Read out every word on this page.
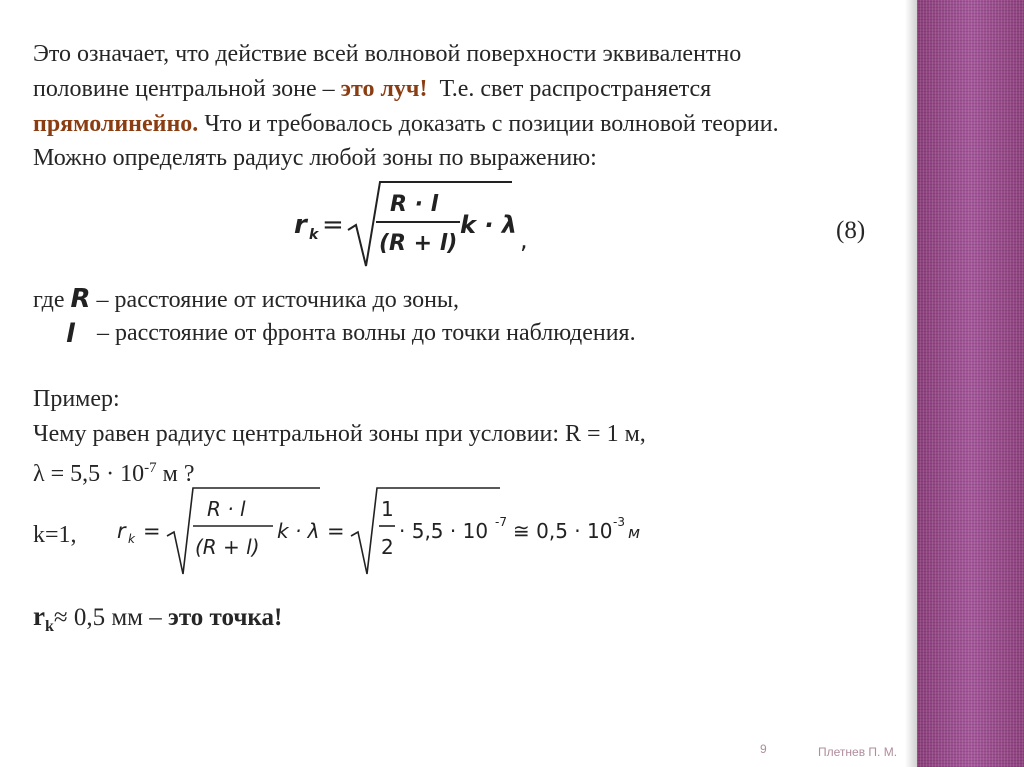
Это означает, что действие всей волновой поверхности эквивалентно
половине центральной зоне – это луч!  Т.е. свет распространяется
прямолинейно. Что и требовалось доказать с позиции волновой теории.
Можно определять радиус любой зоны по выражению:
r k =
R · l
(R + l)
k · λ
,	(8)
где R – расстояние от источника до зоны,
l – расстояние от фронта волны до точки наблюдения.
Пример:
Чему равен радиус центральной зоны при условии: R = 1 м,
$\lambda = 5,5 \cdot 10^{-7}$ м ?
k=1, r k =
R · l
(R + l)
k · λ =
1
2
· 5,5 · 10 -7 ≅ 0,5 · 10 -3
м
$r_k\approx 0,5$ мм – это точка!
9	Плетнев П. М.
